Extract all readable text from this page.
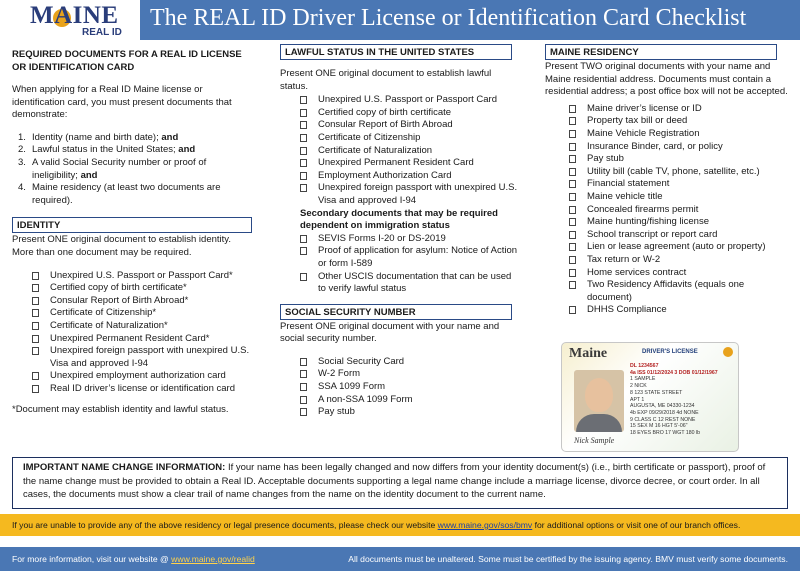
MAINE
REAL ID
The REAL ID Driver License or Identification Card Checklist
REQUIRED DOCUMENTS FOR A REAL ID LICENSE OR IDENTIFICATION CARD

When applying for a Real ID Maine license or identification card, you must present documents that demonstrate:

1. Identity (name and birth date); and
2. Lawful status in the United States; and
3. A valid Social Security number or proof of ineligibility; and
4. Maine residency (at least two documents are required).
IDENTITY

Present ONE original document to establish identity. More than one document may be required.

Unexpired U.S. Passport or Passport Card*
Certified copy of birth certificate*
Consular Report of Birth Abroad*
Certificate of Citizenship*
Certificate of Naturalization*
Unexpired Permanent Resident Card*
Unexpired foreign passport with unexpired U.S. Visa and approved I-94
Unexpired employment authorization card
Real ID driver’s license or identification card

*Document may establish identity and lawful status.

LAWFUL STATUS IN THE UNITED STATES

Present ONE original document to establish lawful status.

Unexpired U.S. Passport or Passport Card
Certified copy of birth certificate
Consular Report of Birth Abroad
Certificate of Citizenship
Certificate of Naturalization
Unexpired Permanent Resident Card
Employment Authorization Card
Unexpired foreign passport with unexpired U.S. Visa and approved I-94
Secondary documents that may be required dependent on immigration status
SEVIS Forms I-20 or DS-2019
Proof of application for asylum: Notice of Action or form I-589
Other USCIS documentation that can be used to verify lawful status
SOCIAL SECURITY NUMBER

Present ONE original document with your name and social security number.

Social Security Card
W-2 Form
SSA 1099 Form
A non-SSA 1099 Form
Pay stub
MAINE RESIDENCY

Present TWO original documents with your name and Maine residential address. Documents must contain a residential address; a post office box will not be accepted.

Maine driver’s license or ID
Property tax bill or deed
Maine Vehicle Registration
Insurance Binder, card, or policy
Pay stub
Utility bill (cable TV, phone, satellite, etc.)
Financial statement
Maine vehicle title
Concealed firearms permit
Maine hunting/fishing license
School transcript or report card
Lien or lease agreement (auto or property)
Tax return or W-2
Home services contract
Two Residency Affidavits (equals one document)
DHHS Compliance
Maine	DRIVER'S LICENSE
DL 1234567
4a ISS 01/12/2024 3 DOB 01/12/1967
1 SAMPLE
2 NICK
8 123 STATE STREET
APT 1
AUGUSTA, ME 04330-1234
4b EXP 09/29/2018 4d NONE
9 CLASS C 12 REST NONE
15 SEX M 16 HGT 5'-06"
18 EYES BRO 17 WGT 180 lb
Nick Sample

IMPORTANT NAME CHANGE INFORMATION: If your name has been legally changed and now differs from your identity document(s) (i.e., birth certificate or passport), proof of the name change must be provided to obtain a Real ID. Acceptable documents supporting a legal name change include a marriage license, divorce decree, or court order. In all cases, the documents must show a clear trail of name changes from the name on the identity document to the current name.

If you are unable to provide any of the above residency or legal presence documents, please check our website www.maine.gov/sos/bmv for additional options or visit one of our branch offices.
For more information, visit our website @ www.maine.gov/realid	All documents must be unaltered. Some must be certified by the issuing agency. BMV must verify some documents.
